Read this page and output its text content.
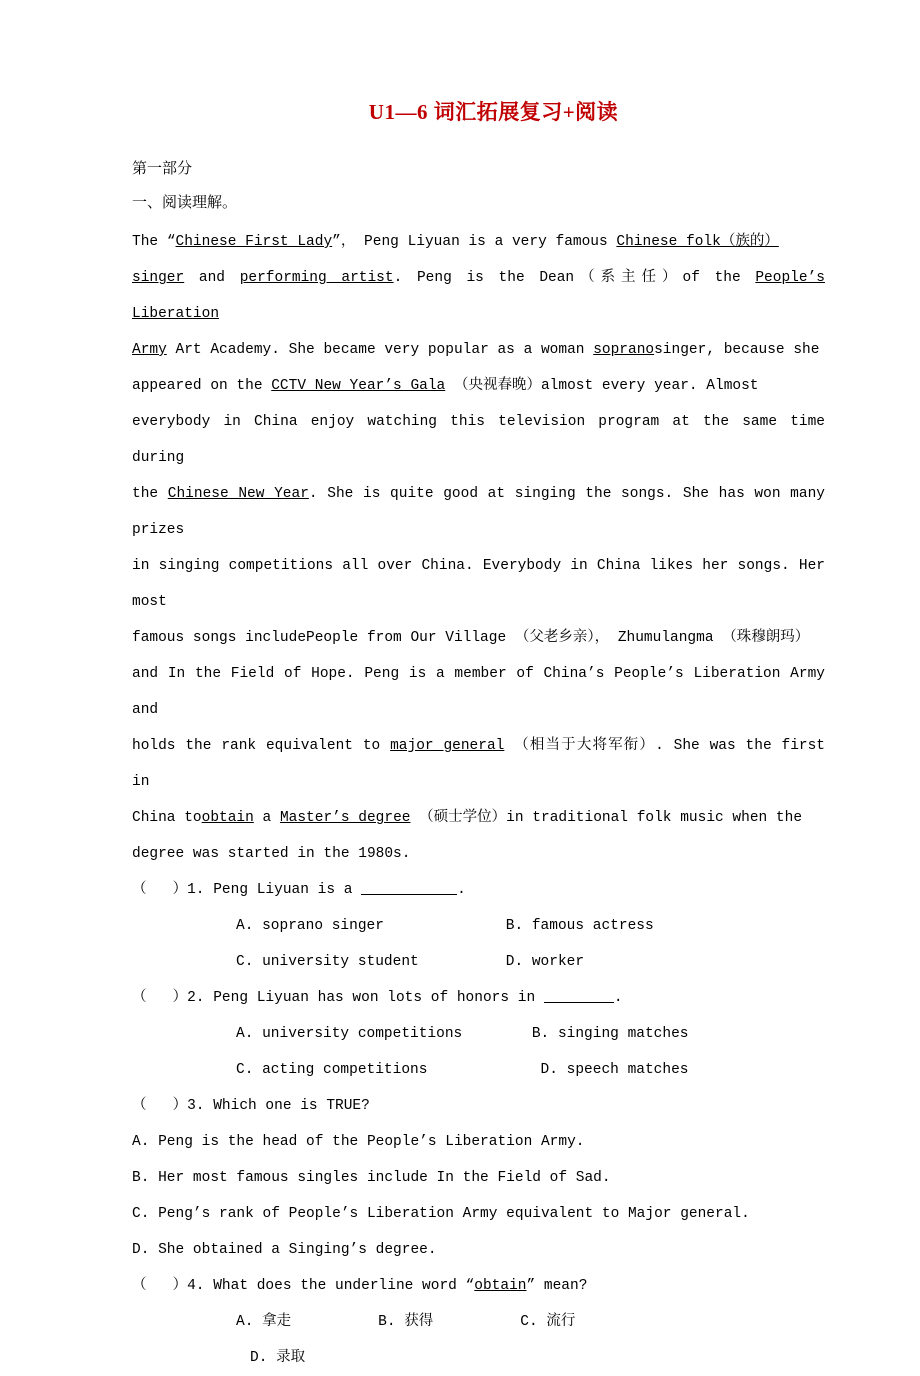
U1—6 词汇拓展复习+阅读

第一部分

一、阅读理解。

The “Chinese First Lady”， Peng Liyuan is a very famous Chinese folk（族的）

singer and performing artist. Peng is the Dean（系主任）of the People’s Liberation

Army Art Academy. She became very popular as a woman sopranosinger, because she

appeared on the CCTV New Year’s Gala （央视春晚）almost every year. Almost

everybody in China enjoy watching this television program at the same time during

the Chinese New Year. She is quite good at singing the songs. She has won many prizes

in singing competitions all over China. Everybody in China likes her songs. Her most

famous songs includePeople from Our Village （父老乡亲）， Zhumulangma （珠穆朗玛）

and In the Field of Hope. Peng is a member of China’s People’s Liberation Army and

holds the rank equivalent to major general （相当于大将军衔）. She was the first in

China toobtain a Master’s degree （硕士学位）in traditional folk music when the

degree was started in the 1980s.

（   ）1. Peng Liyuan is a	.

A. soprano singer              B. famous actress

C. university student          D. worker

（   ）2. Peng Liyuan has won lots of honors in	.

A. university competitions        B. singing matches

C. acting competitions             D. speech matches

（   ）3. Which one is TRUE?

A. Peng is the head of the People’s Liberation Army.

B. Her most famous singles include In the Field of Sad.

C. Peng’s rank of People’s Liberation Army equivalent to Major general.

D. She obtained a Singing’s degree.

（   ）4. What does the underline word “obtain” mean?

A. 拿走          B. 获得          C. 流行

D. 录取
